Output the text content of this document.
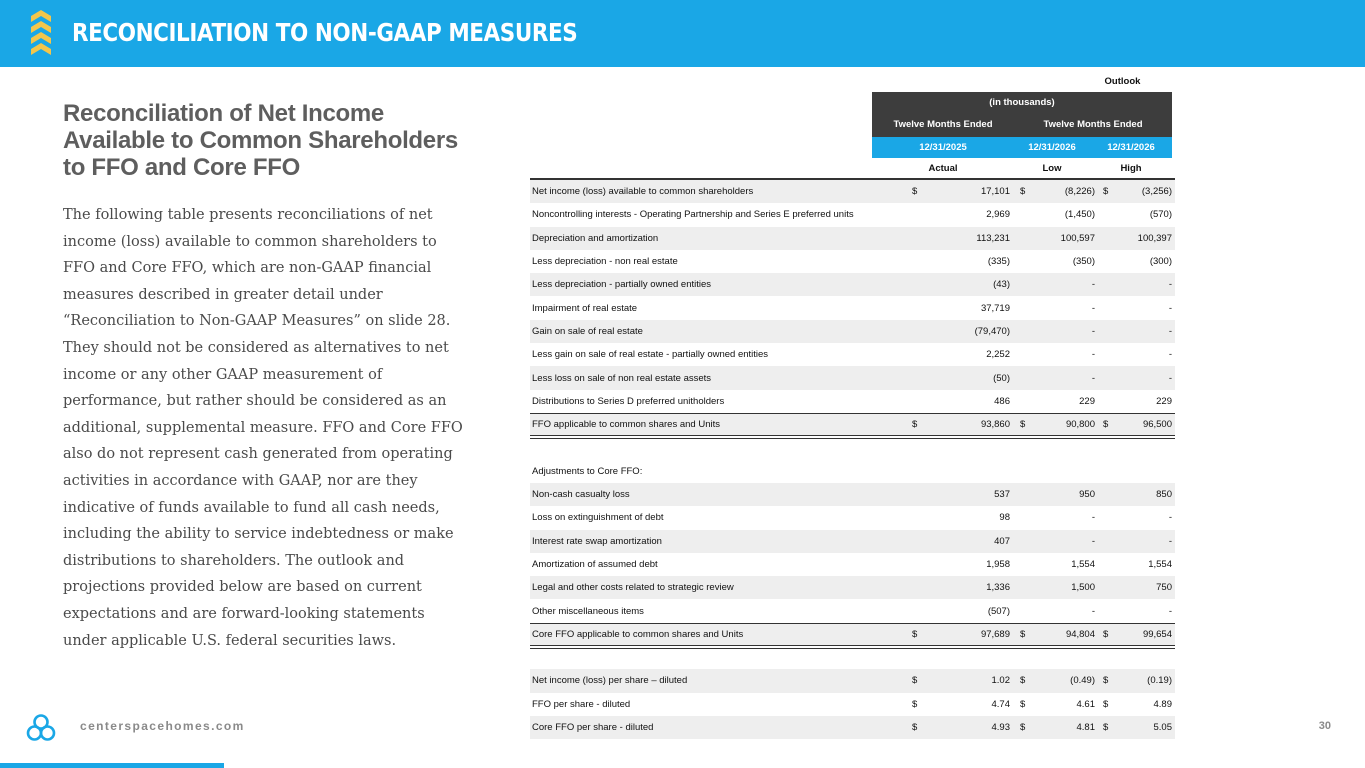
RECONCILIATION TO NON-GAAP MEASURES
Reconciliation of Net Income Available to Common Shareholders to FFO and Core FFO
The following table presents reconciliations of net income (loss) available to common shareholders to FFO and Core FFO, which are non-GAAP financial measures described in greater detail under “Reconciliation to Non-GAAP Measures” on slide 28. They should not be considered as alternatives to net income or any other GAAP measurement of performance, but rather should be considered as an additional, supplemental measure. FFO and Core FFO also do not represent cash generated from operating activities in accordance with GAAP, nor are they indicative of funds available to fund all cash needs, including the ability to service indebtedness or make distributions to shareholders. The outlook and projections provided below are based on current expectations and are forward-looking statements under applicable U.S. federal securities laws.
Outlook
(in thousands)
Twelve Months Ended	Twelve Months Ended
12/31/2025	12/31/2026	12/31/2026
Actual	Low	High
Net income (loss) available to common shareholders	$	17,101 $	(8,226) $	(3,256)
Noncontrolling interests - Operating Partnership and Series E preferred units	2,969	(1,450)	(570)
Depreciation and amortization	113,231	100,597	100,397
Less depreciation - non real estate	(335)	(350)	(300)
Less depreciation - partially owned entities	(43)	-	-
Impairment of real estate	37,719	-	-
Gain on sale of real estate	(79,470)	-	-
Less gain on sale of real estate - partially owned entities	2,252	-	-
Less loss on sale of non real estate assets	(50)	-	-
Distributions to Series D preferred unitholders	486	229	229
FFO applicable to common shares and Units	$	93,860 $	90,800 $	96,500
Adjustments to Core FFO:
Non-cash casualty loss	537	950	850
Loss on extinguishment of debt	98	-	-
Interest rate swap amortization	407	-	-
Amortization of assumed debt	1,958	1,554	1,554
Legal and other costs related to strategic review	1,336	1,500	750
Other miscellaneous items	(507)	-	-
Core FFO applicable to common shares and Units	$	97,689 $	94,804 $	99,654
Net income (loss) per share – diluted	$	1.02 $	(0.49) $	(0.19)
FFO per share - diluted	$	4.74 $	4.61 $	4.89
Core FFO per share - diluted	$	4.93 $	4.81 $	5.05
centerspacehomes.com	30
